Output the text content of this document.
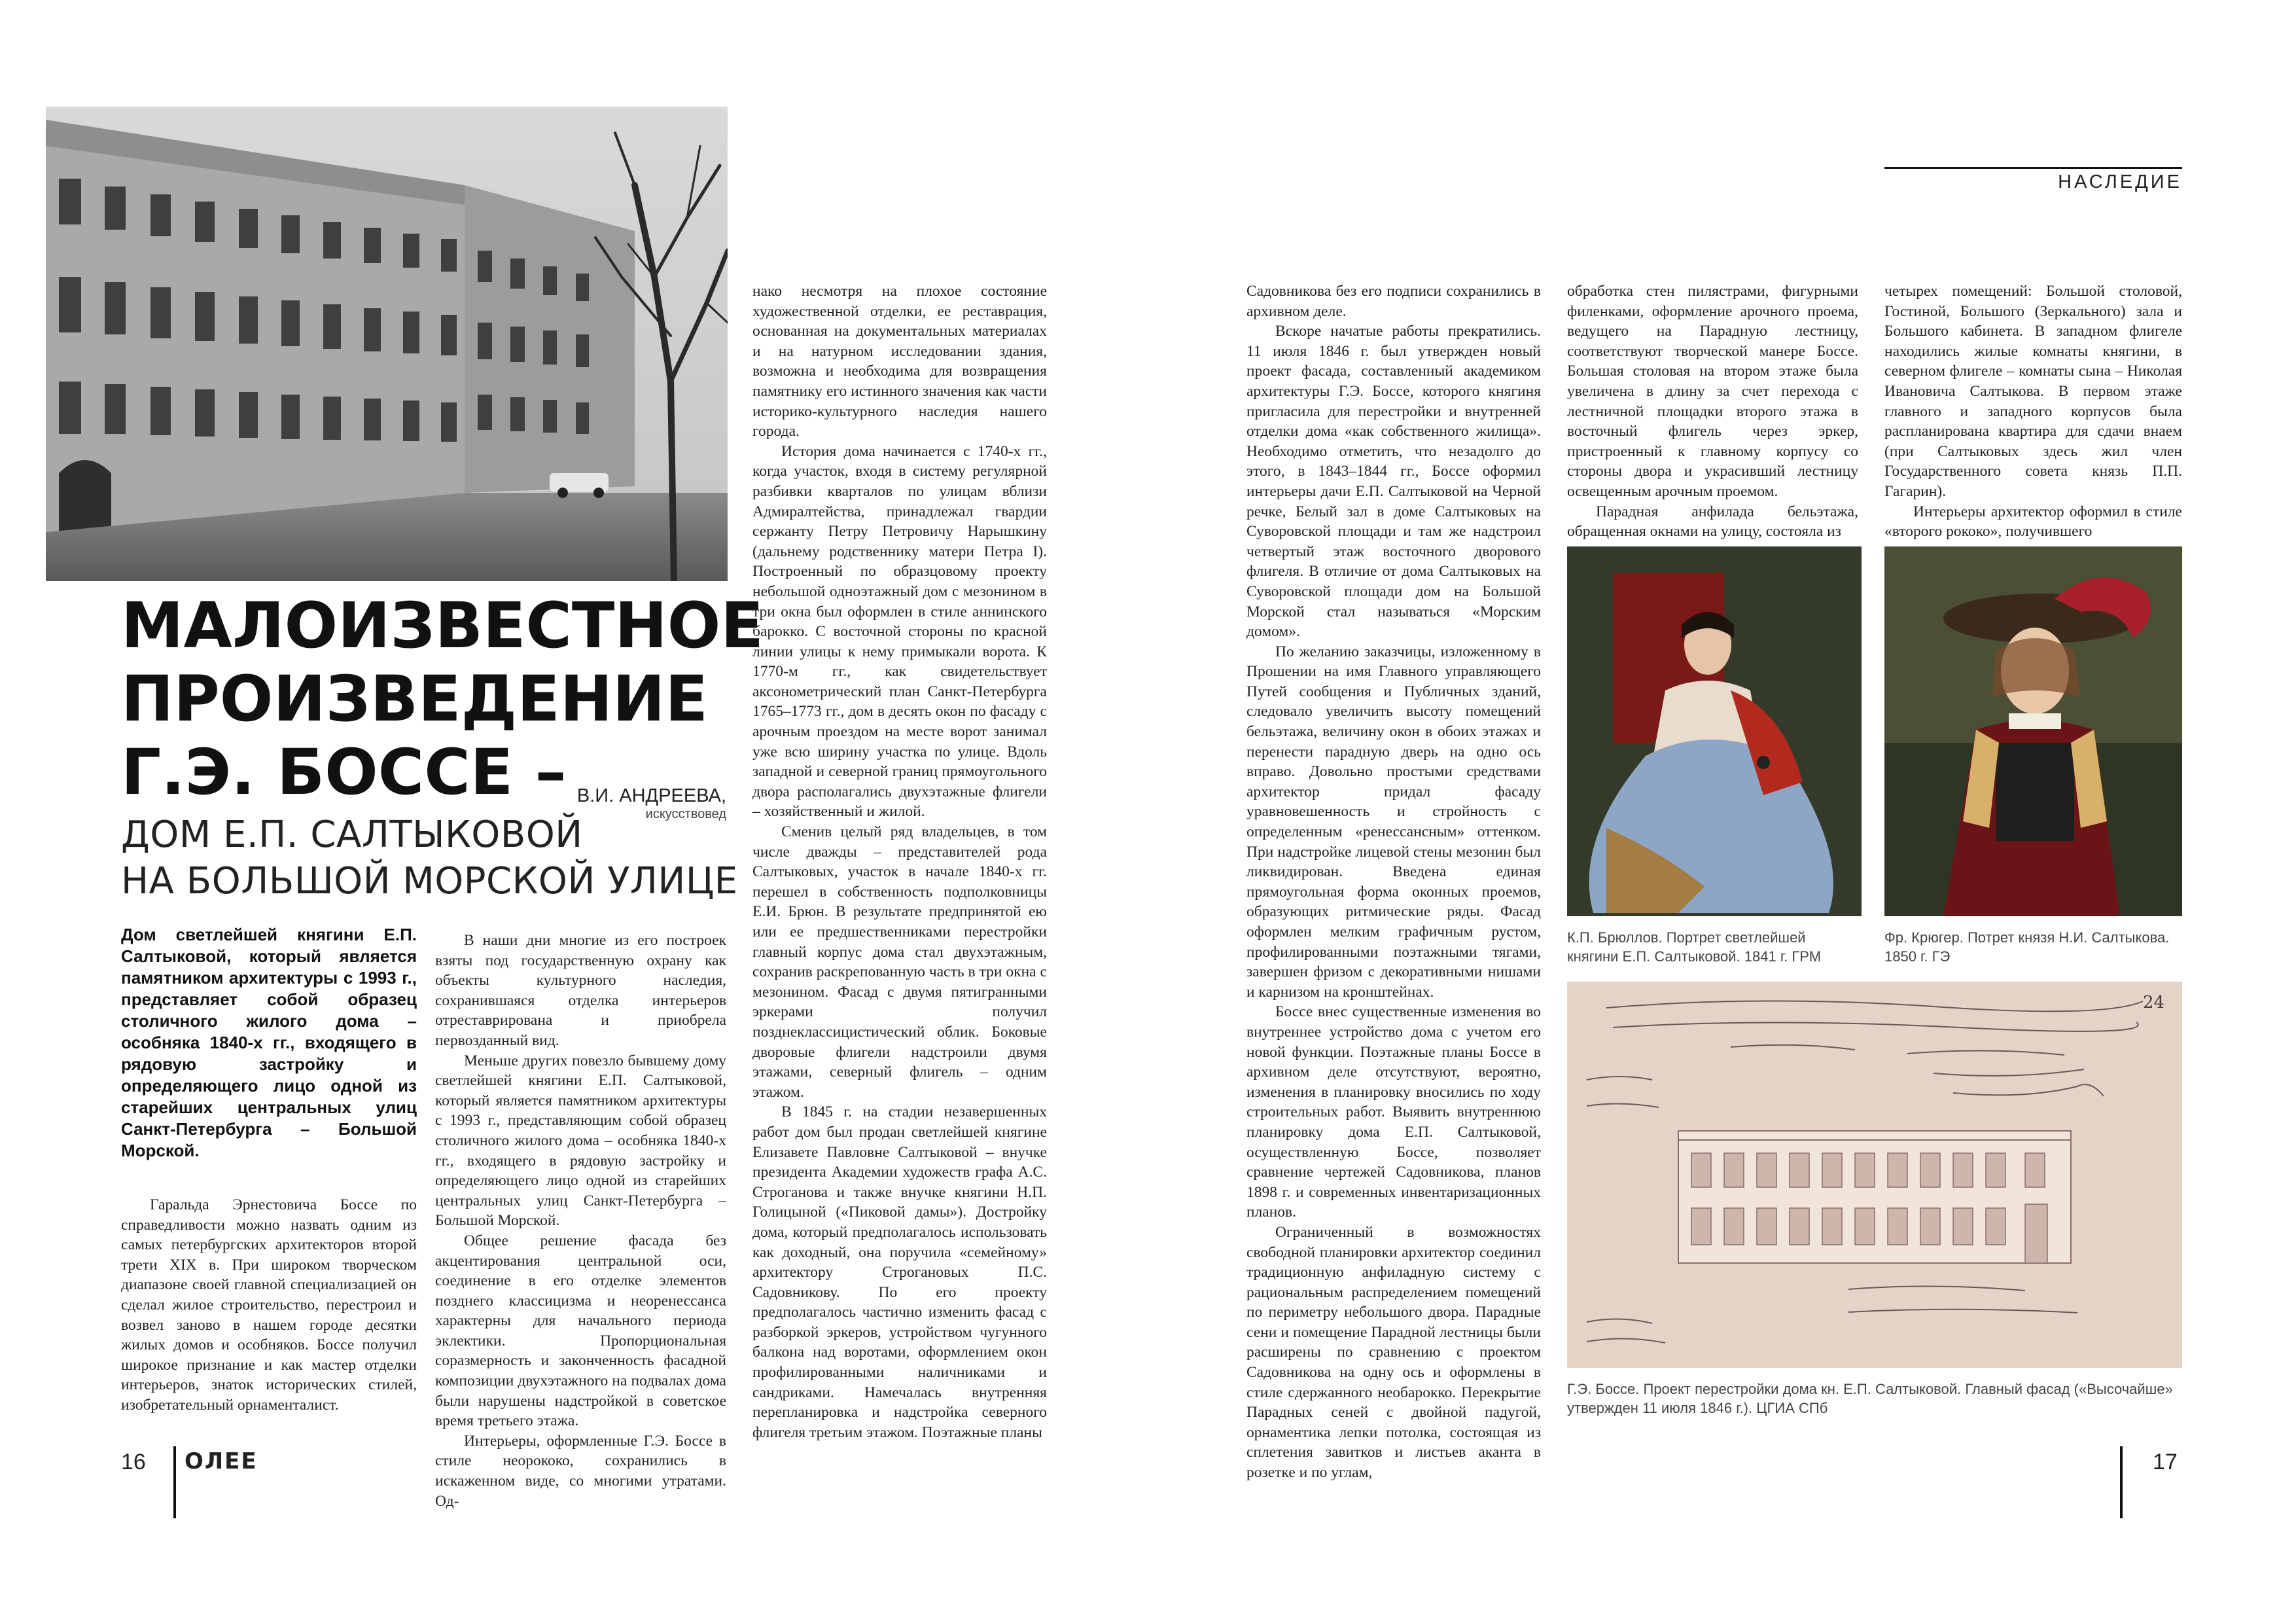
МАЛОИЗВЕСТНОЕ
ПРОИЗВЕДЕНИЕ
Г.Э. БОССЕ – В.И. АНДРЕЕВА,
искусствовед
ДОМ Е.П. САЛТЫКОВОЙ
НА БОЛЬШОЙ МОРСКОЙ УЛИЦЕ
Дом светлейшей княгини Е.П. Салтыковой, который является памятником архитектуры с 1993 г., представляет собой образец столичного жилого дома – особняка 1840-х гг., входящего в рядовую застройку и определяющего лицо одной из старейших центральных улиц Санкт-Петербурга – Большой Морской.

Гаральда Эрнестовича Боссе по справедливости можно назвать одним из самых петербургских архитекторов второй трети XIX в. При широком творческом диапазоне своей главной специализацией он сделал жилое строительство, перестроил и возвел заново в нашем городе десятки жилых домов и особняков. Боссе получил широкое признание и как мастер отделки интерьеров, знаток исторических стилей, изобретательный орнаменталист.

В наши дни многие из его построек взяты под государственную охрану как объекты культурного наследия, сохранившаяся отделка интерьеров отреставрирована и приобрела первозданный вид.

Меньше других повезло бывшему дому светлейшей княгини Е.П. Салтыковой, который является памятником архитектуры с 1993 г., представляющим собой образец столичного жилого дома – особняка 1840-х гг., входящего в рядовую застройку и определяющего лицо одной из старейших центральных улиц Санкт-Петербурга – Большой Морской.

Общее решение фасада без акцентирования центральной оси, соединение в его отделке элементов позднего классицизма и неоренессанса характерны для начального периода эклектики. Пропорциональная соразмерность и законченность фасадной композиции двухэтажного на подвалах дома были нарушены надстройкой в советское время третьего этажа.

Интерьеры, оформленные Г.Э. Боссе в стиле неорококо, сохранились в искаженном виде, со многими утратами. Од-

нако несмотря на плохое состояние художественной отделки, ее реставрация, основанная на документальных материалах и на натурном исследовании здания, возможна и необходима для возвращения памятнику его истинного значения как части историко-культурного наследия нашего города.

История дома начинается с 1740-х гг., когда участок, входя в систему регулярной разбивки кварталов по улицам вблизи Адмиралтейства, принадлежал гвардии сержанту Петру Петровичу Нарышкину (дальнему родственнику матери Петра I). Построенный по образцовому проекту небольшой одноэтажный дом с мезонином в три окна был оформлен в стиле аннинского барокко. С восточной стороны по красной линии улицы к нему примыкали ворота. К 1770-м гг., как свидетельствует аксонометрический план Санкт-Петербурга 1765–1773 гг., дом в десять окон по фасаду с арочным проездом на месте ворот занимал уже всю ширину участка по улице. Вдоль западной и северной границ прямоугольного двора располагались двухэтажные флигели – хозяйственный и жилой.

Сменив целый ряд владельцев, в том числе дважды – представителей рода Салтыковых, участок в начале 1840-х гг. перешел в собственность подполковницы Е.И. Брюн. В результате предпринятой ею или ее предшественниками перестройки главный корпус дома стал двухэтажным, сохранив раскрепованную часть в три окна с мезонином. Фасад с двумя пятигранными эркерами получил позднеклассицистический облик. Боковые дворовые флигели надстроили двумя этажами, северный флигель – одним этажом.

В 1845 г. на стадии незавершенных работ дом был продан светлейшей княгине Елизавете Павловне Салтыковой – внучке президента Академии художеств графа А.С. Строганова и также внучке княгини Н.П. Голицыной («Пиковой дамы»). Достройку дома, который предполагалось использовать как доходный, она поручила «семейному» архитектору Строгановых П.С. Садовникову. По его проекту предполагалось частично изменить фасад с разборкой эркеров, устройством чугунного балкона над воротами, оформлением окон профилированными наличниками и сандриками. Намечалась внутренняя перепланировка и надстройка северного флигеля третьим этажом. Поэтажные планы

16 ОЛЕЕ
НАСЛЕДИЕ

Садовникова без его подписи сохранились в архивном деле.

Вскоре начатые работы прекратились. 11 июля 1846 г. был утвержден новый проект фасада, составленный академиком архитектуры Г.Э. Боссе, которого княгиня пригласила для перестройки и внутренней отделки дома «как собственного жилища». Необходимо отметить, что незадолго до этого, в 1843–1844 гг., Боссе оформил интерьеры дачи Е.П. Салтыковой на Черной речке, Белый зал в доме Салтыковых на Суворовской площади и там же надстроил четвертый этаж восточного дворового флигеля. В отличие от дома Салтыковых на Суворовской площади дом на Большой Морской стал называться «Морским домом».

По желанию заказчицы, изложенному в Прошении на имя Главного управляющего Путей сообщения и Публичных зданий, следовало увеличить высоту помещений бельэтажа, величину окон в обоих этажах и перенести парадную дверь на одно ось вправо. Довольно простыми средствами архитектор придал фасаду уравновешенность и стройность с определенным «ренессансным» оттенком. При надстройке лицевой стены мезонин был ликвидирован. Введена единая прямоугольная форма оконных проемов, образующих ритмические ряды. Фасад оформлен мелким графичным рустом, профилированными поэтажными тягами, завершен фризом с декоративными нишами и карнизом на кронштейнах.

Боссе внес существенные изменения во внутреннее устройство дома с учетом его новой функции. Поэтажные планы Боссе в архивном деле отсутствуют, вероятно, изменения в планировку вносились по ходу строительных работ. Выявить внутреннюю планировку дома Е.П. Салтыковой, осуществленную Боссе, позволяет сравнение чертежей Садовникова, планов 1898 г. и современных инвентаризационных планов.

Ограниченный в возможностях свободной планировки архитектор соединил традиционную анфиладную систему с рациональным распределением помещений по периметру небольшого двора. Парадные сени и помещение Парадной лестницы были расширены по сравнению с проектом Садовникова на одну ось и оформлены в стиле сдержанного необарокко. Перекрытие Парадных сеней с двойной падугой, орнаментика лепки потолка, состоящая из сплетения завитков и листьев аканта в розетке и по углам,

обработка стен пилястрами, фигурными филенками, оформление арочного проема, ведущего на Парадную лестницу, соответствуют творческой манере Боссе. Большая столовая на втором этаже была увеличена в длину за счет перехода с лестничной площадки второго этажа в восточный флигель через эркер, пристроенный к главному корпусу со стороны двора и украсивший лестницу освещенным арочным проемом.

Парадная анфилада бельэтажа, обращенная окнами на улицу, состояла из

четырех помещений: Большой столовой, Гостиной, Большого (Зеркального) зала и Большого кабинета. В западном флигеле находились жилые комнаты княгини, в северном флигеле – комнаты сына – Николая Ивановича Салтыкова. В первом этаже главного и западного корпусов была распланирована квартира для сдачи внаем (при Салтыковых здесь жил член Государственного совета князь П.П. Гагарин).

Интерьеры архитектор оформил в стиле «второго рококо», получившего

К.П. Брюллов. Портрет светлейшей княгини Е.П. Салтыковой. 1841 г. ГРМ
Фр. Крюгер. Потрет князя Н.И. Салтыкова. 1850 г. ГЭ
24
Г.Э. Боссе. Проект перестройки дома кн. Е.П. Салтыковой. Главный фасад («Высочайше» утвержден 11 июля 1846 г.). ЦГИА СПб
17
